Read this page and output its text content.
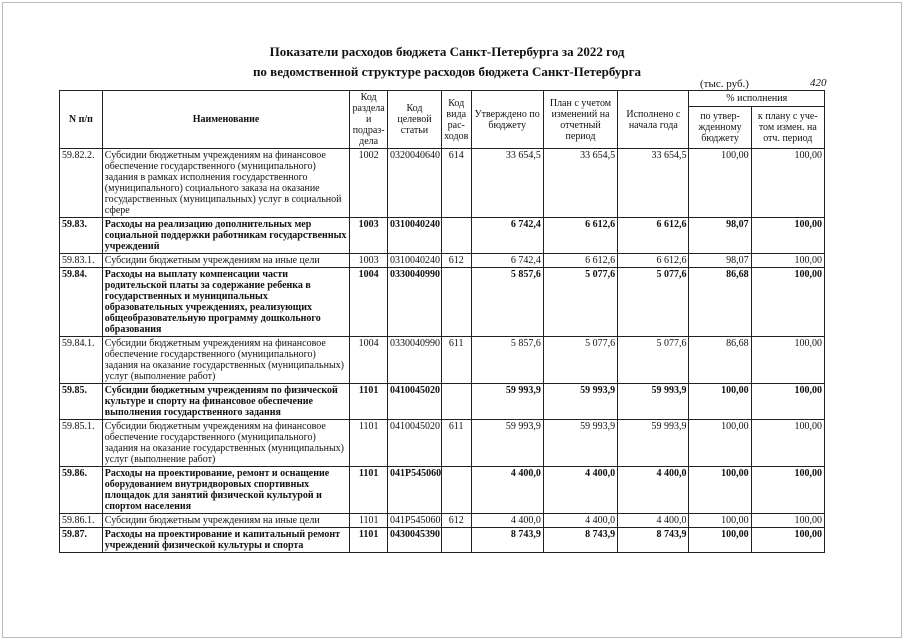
Показатели расходов бюджета Санкт-Петербурга за 2022 год
по ведомственной структуре расходов бюджета Санкт-Петербурга
(тыс. руб.)	420
N п/п	Наименование	Код раздела и подраз-дела	Код целевой статьи	Код вида рас-ходов	Утверждено по бюджету	План с учетом изменений на отчетный период	Исполнено с начала года	% исполнения	
								по утвер-жденному бюджету	к плану с уче-том измен. на отч. период
59.82.2.	Субсидии бюджетным учреждениям на финансовое обеспечение государственного (муниципального) задания в рамках исполнения государственного (муниципального) социального заказа на оказание государственных (муниципальных) услуг в социальной сфере	1002	0320040640	614	33 654,5	33 654,5	33 654,5	100,00	100,00
59.83.	Расходы на реализацию дополнительных мер социальной поддержки работникам государственных учреждений	1003	0310040240		6 742,4	6 612,6	6 612,6	98,07	100,00
59.83.1.	Субсидии бюджетным учреждениям на иные цели	1003	0310040240	612	6 742,4	6 612,6	6 612,6	98,07	100,00
59.84.	Расходы на выплату компенсации части родительской платы за содержание ребенка в государственных и муниципальных образовательных учреждениях, реализующих общеобразовательную программу дошкольного образования	1004	0330040990		5 857,6	5 077,6	5 077,6	86,68	100,00
59.84.1.	Субсидии бюджетным учреждениям на финансовое обеспечение государственного (муниципального) задания на оказание государственных (муниципальных) услуг (выполнение работ)	1004	0330040990	611	5 857,6	5 077,6	5 077,6	86,68	100,00
59.85.	Субсидии бюджетным учреждениям по физической культуре и спорту на финансовое обеспечение выполнения государственного задания	1101	0410045020		59 993,9	59 993,9	59 993,9	100,00	100,00
59.85.1.	Субсидии бюджетным учреждениям на финансовое обеспечение государственного (муниципального) задания на оказание государственных (муниципальных) услуг (выполнение работ)	1101	0410045020	611	59 993,9	59 993,9	59 993,9	100,00	100,00
59.86.	Расходы на проектирование, ремонт и оснащение оборудованием внутридворовых спортивных площадок для занятий физической культурой и спортом населения	1101	041P545060		4 400,0	4 400,0	4 400,0	100,00	100,00
59.86.1.	Субсидии бюджетным учреждениям на иные цели	1101	041P545060	612	4 400,0	4 400,0	4 400,0	100,00	100,00
59.87.	Расходы на проектирование и капитальный ремонт учреждений физической культуры и спорта	1101	0430045390		8 743,9	8 743,9	8 743,9	100,00	100,00
